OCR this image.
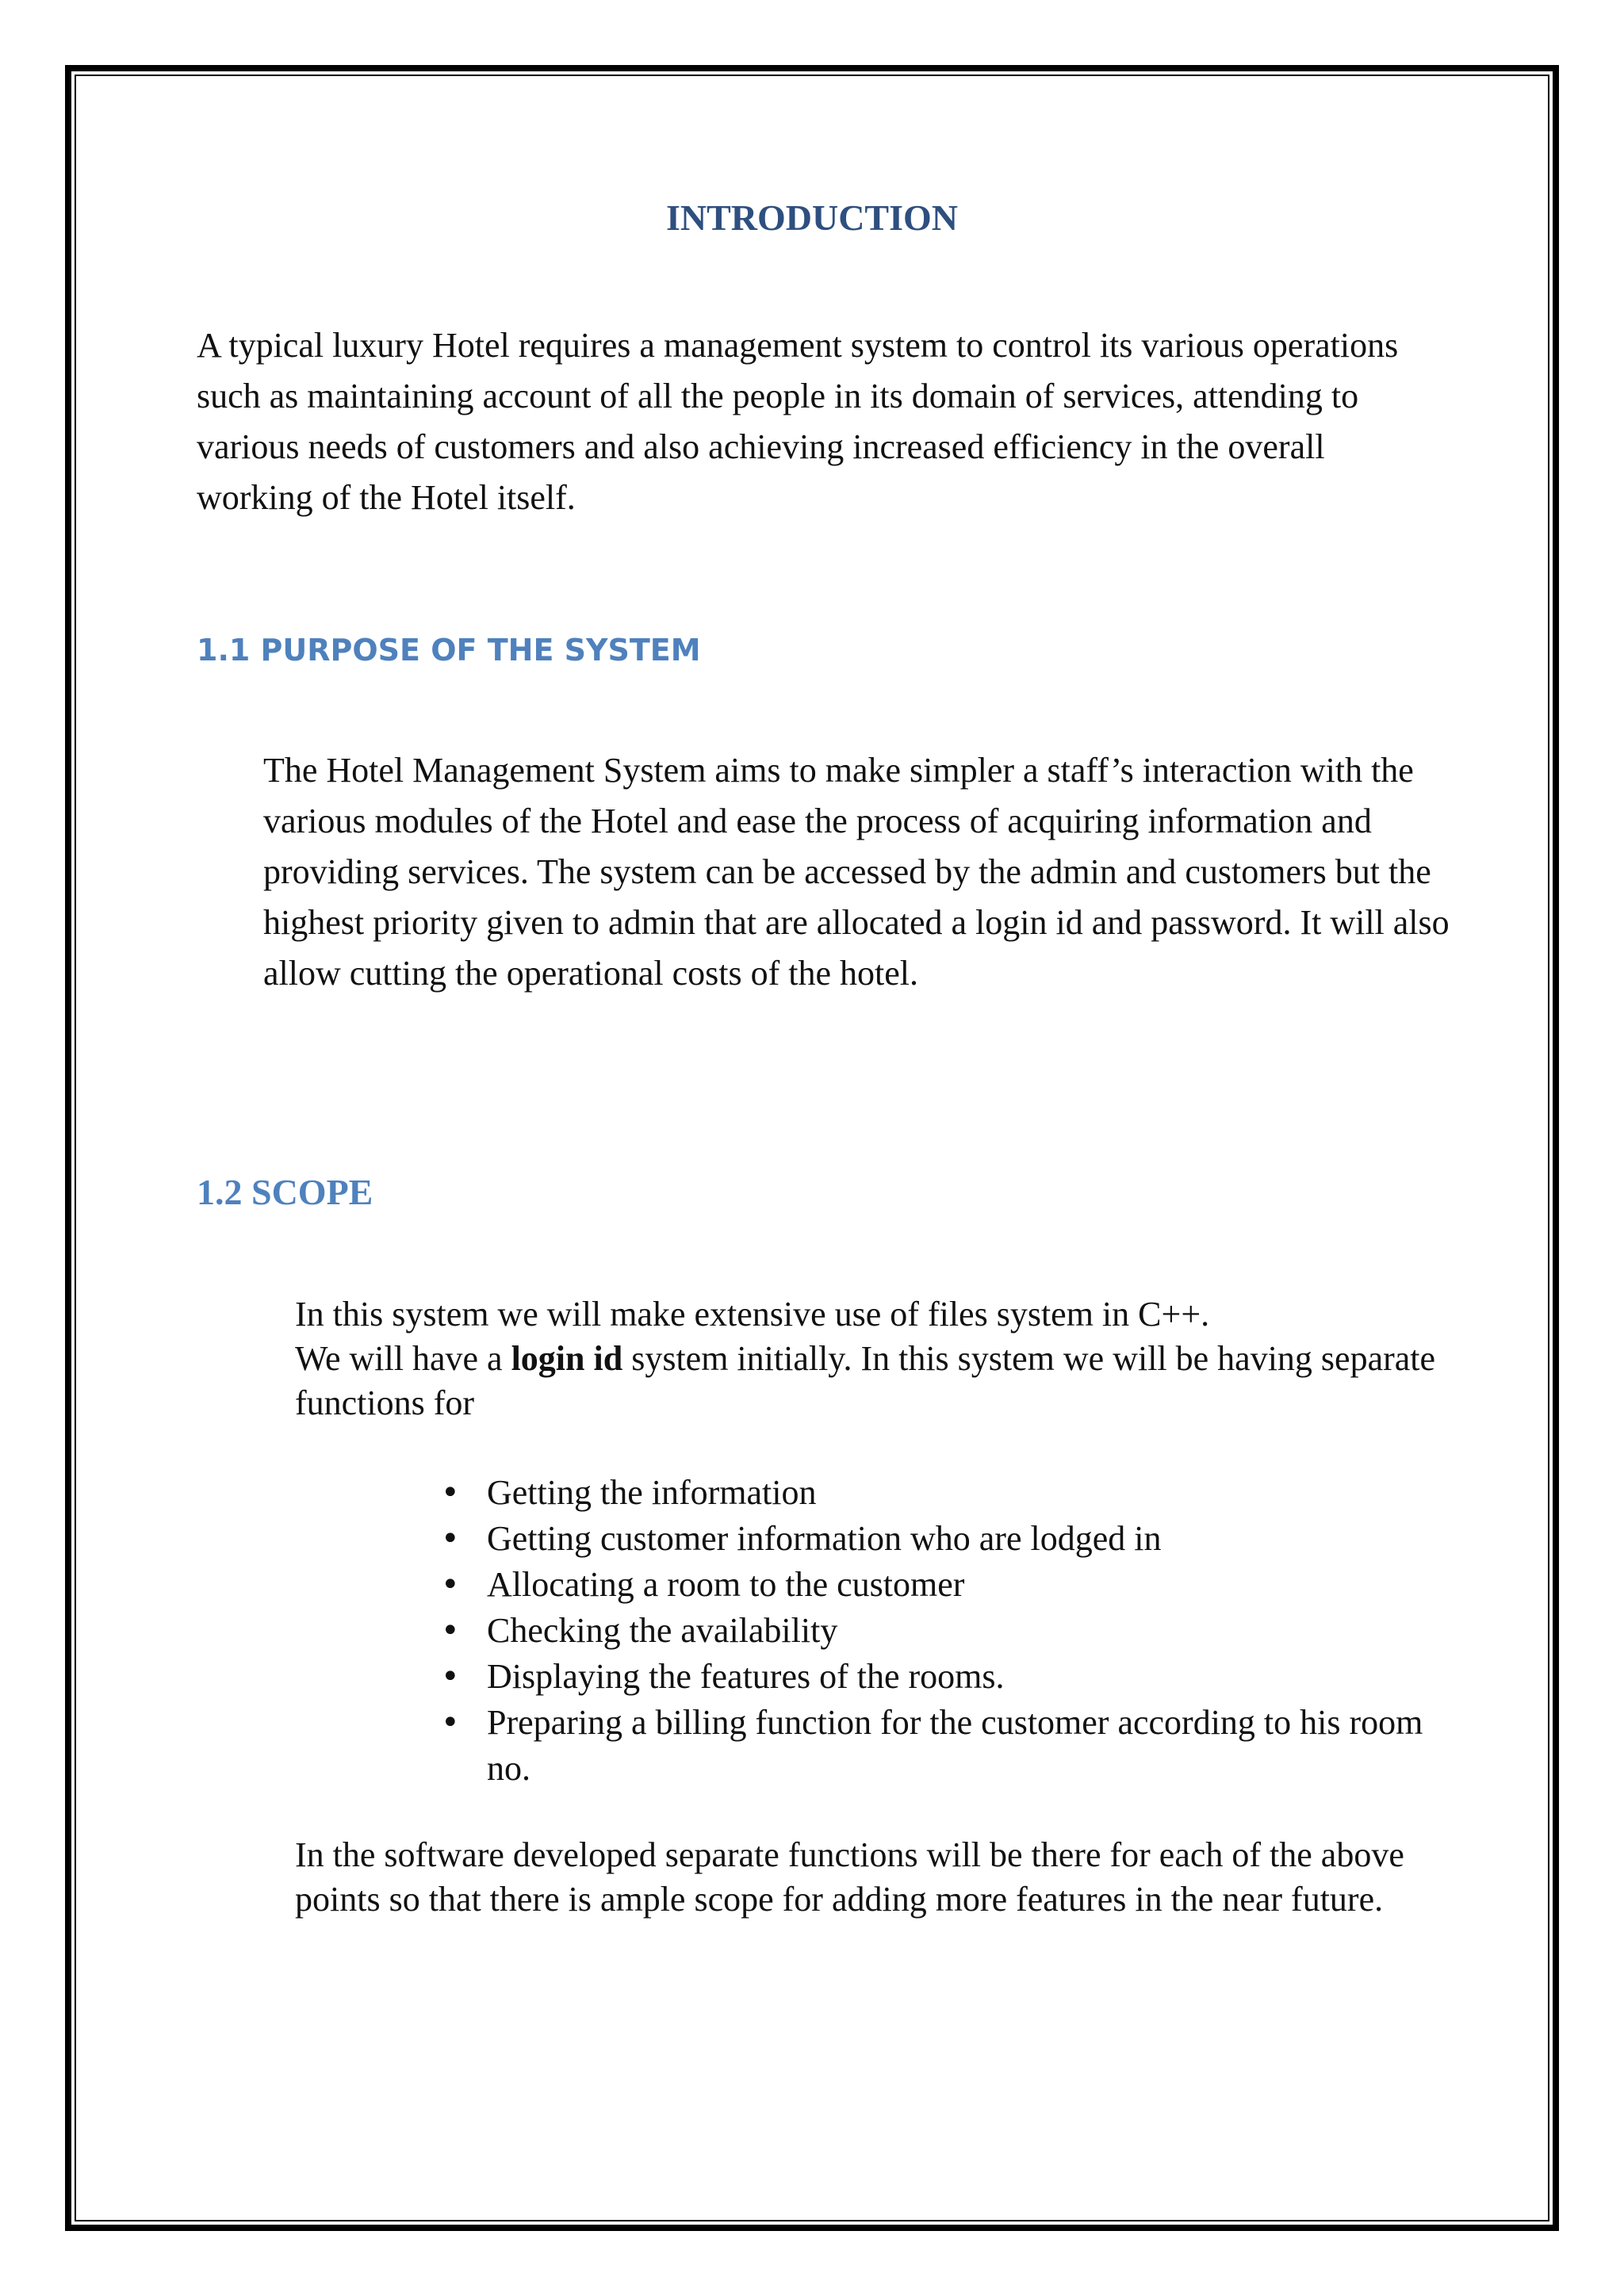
INTRODUCTION

A typical luxury Hotel requires a management system to control its various operations such as maintaining account of all the people in its domain of services, attending to various needs of customers and also achieving increased efficiency in the overall working of the Hotel itself.

1.1 PURPOSE OF THE SYSTEM

The Hotel Management System aims to make simpler a staff’s interaction with the various modules of the Hotel and ease the process of acquiring information and providing services. The system can be accessed by the admin and customers but the highest priority given to admin that are allocated a login id and password. It will also allow cutting the operational costs of the hotel.

1.2 SCOPE

In this system we will make extensive use of files system in C++.

We will have a login id system initially. In this system we will be having separate functions for

• Getting the information
• Getting customer information who are lodged in
• Allocating a room to the customer
• Checking the availability
• Displaying the features of the rooms.
• Preparing a billing function for the customer according to his room no.

In the software developed separate functions will be there for each of the above points so that there is ample scope for adding more features in the near future.
